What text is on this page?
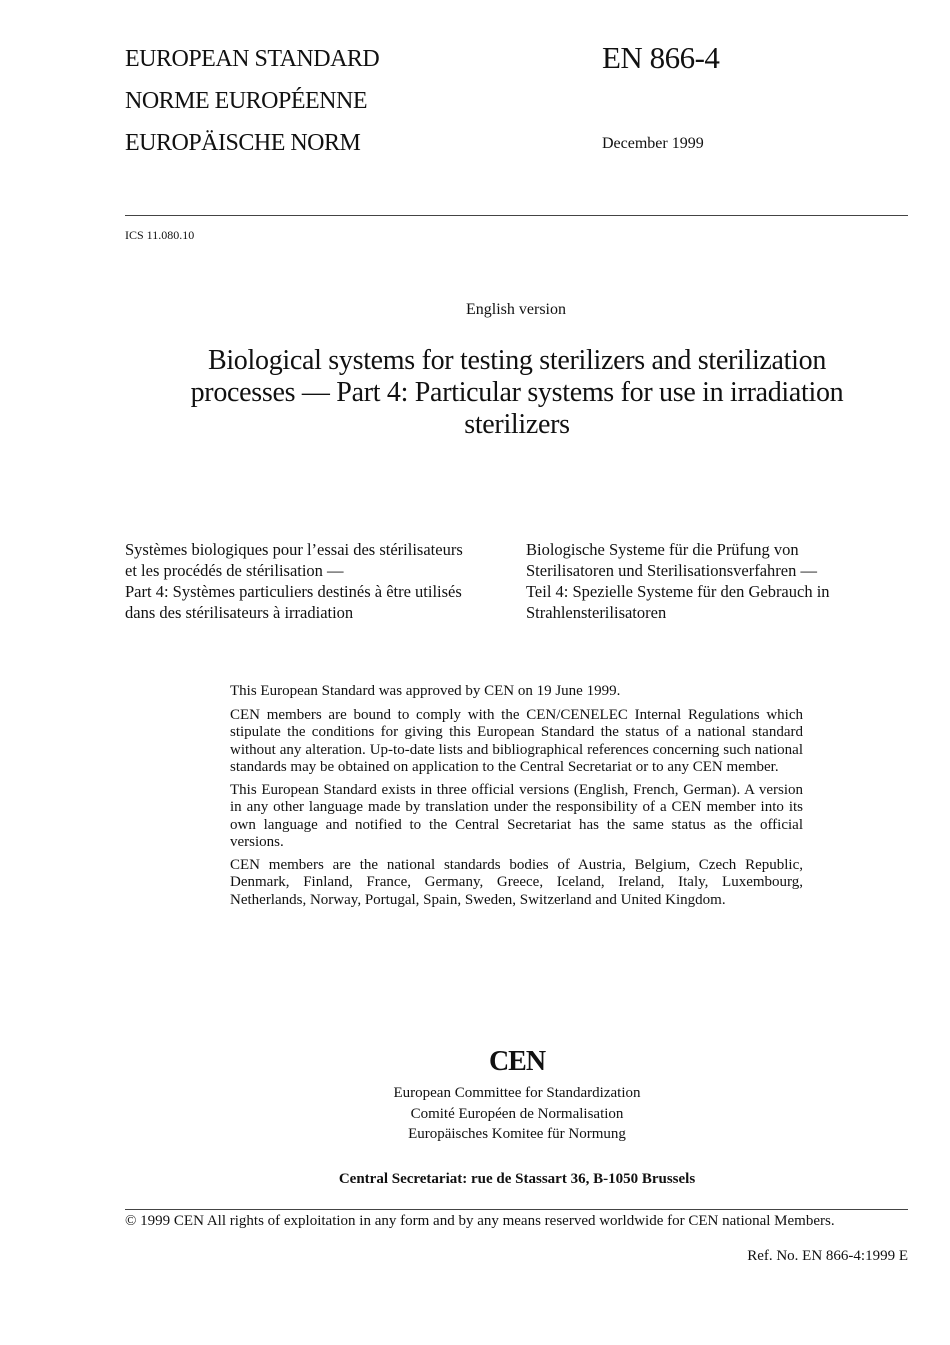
EUROPEAN STANDARD
NORME EUROPÉENNE
EUROPÄISCHE NORM
EN 866-4
December 1999
ICS 11.080.10
English version
Biological systems for testing sterilizers and sterilization
processes — Part 4: Particular systems for use in irradiation
sterilizers
Systèmes biologiques pour l’essai des stérilisateurs
et les procédés de stérilisation —
Part 4: Systèmes particuliers destinés à être utilisés
dans des stérilisateurs à irradiation
Biologische Systeme für die Prüfung von
Sterilisatoren und Sterilisationsverfahren —
Teil 4: Spezielle Systeme für den Gebrauch in
Strahlensterilisatoren

This European Standard was approved by CEN on 19 June 1999.

CEN members are bound to comply with the CEN/CENELEC Internal Regulations which stipulate the conditions for giving this European Standard the status of a national standard without any alteration. Up-to-date lists and bibliographical references concerning such national standards may be obtained on application to the Central Secretariat or to any CEN member.

This European Standard exists in three official versions (English, French, German). A version in any other language made by translation under the responsibility of a CEN member into its own language and notified to the Central Secretariat has the same status as the official versions.

CEN members are the national standards bodies of Austria, Belgium, Czech Republic, Denmark, Finland, France, Germany, Greece, Iceland, Ireland, Italy, Luxembourg, Netherlands, Norway, Portugal, Spain, Sweden, Switzerland and United Kingdom.

CEN
European Committee for Standardization
Comité Européen de Normalisation
Europäisches Komitee für Normung
Central Secretariat: rue de Stassart 36, B-1050 Brussels
© 1999 CEN All rights of exploitation in any form and by any means reserved worldwide for CEN national Members.
Ref. No. EN 866-4:1999 E
